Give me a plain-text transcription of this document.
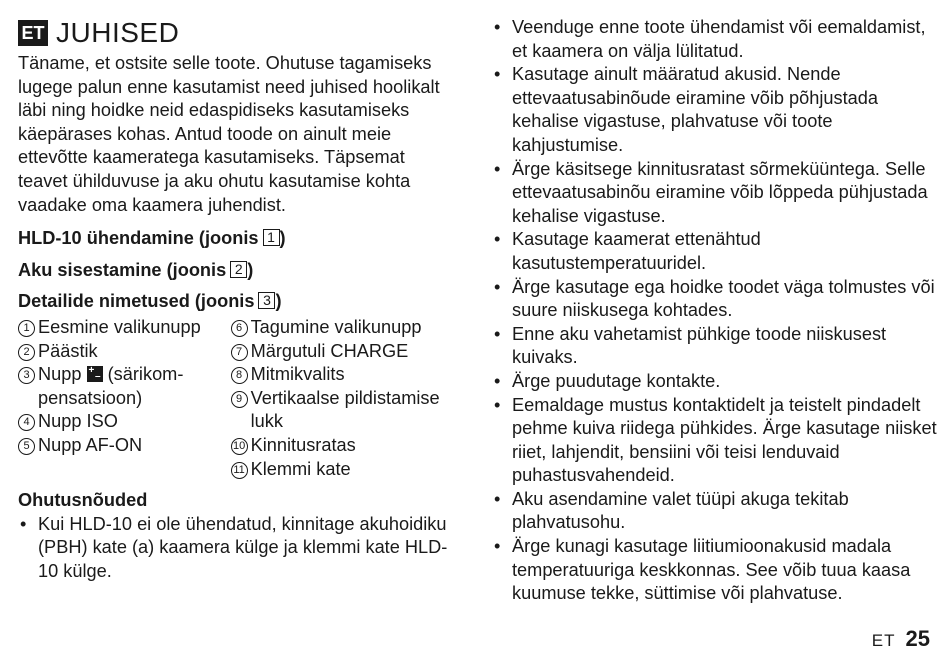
ET JUHISED

Täname, et ostsite selle toote. Ohutuse tagamiseks lugege palun enne kasutamist need juhised hoolikalt läbi ning hoidke neid edaspidiseks kasutamiseks käepärases kohas. Antud toode on ainult meie ettevõtte kaameratega kasutamiseks. Täpsemat teavet ühilduvuse ja aku ohutu kasutamise kohta vaadake oma kaamera juhendist.

HLD-10 ühendamine (joonis 1 )
Aku sisestamine (joonis 2 )
Detailide nimetused (joonis 3 )
1 Eesmine valikunupp
2 Päästik
3 Nupp +
– (särikom-pensatsioon)
4 Nupp ISO
5 Nupp AF-ON
6 Tagumine valikunupp
7 Märgutuli CHARGE
8 Mitmikvalits
9 Vertikaalse pildistamise lukk
10 Kinnitusratas
11 Klemmi kate
Ohutusnõuded
• Kui HLD-10 ei ole ühendatud, kinnitage akuhoidiku (PBH) kate (a) kaamera külge ja klemmi kate HLD-10 külge.
• Veenduge enne toote ühendamist või eemaldamist, et kaamera on välja lülitatud.
• Kasutage ainult määratud akusid. Nende ettevaatusabinõude eiramine võib põhjustada kehalise vigastuse, plahvatuse või toote kahjustumise.
• Ärge käsitsege kinnitusratast sõrmeküüntega. Selle ettevaatusabinõu eiramine võib lõppeda pühjustada kehalise vigastuse.
• Kasutage kaamerat ettenähtud kasutustemperatuuridel.
• Ärge kasutage ega hoidke toodet väga tolmustes või suure niiskusega kohtades.
• Enne aku vahetamist pühkige toode niiskusest kuivaks.
• Ärge puudutage kontakte.
• Eemaldage mustus kontaktidelt ja teistelt pindadelt pehme kuiva riidega pühkides. Ärge kasutage niisket riiet, lahjendit, bensiini või teisi lenduvaid puhastusvahendeid.
• Aku asendamine valet tüüpi akuga tekitab plahvatusohu.
• Ärge kunagi kasutage liitiumioonakusid madala temperatuuriga keskkonnas. See võib tuua kaasa kuumuse tekke, süttimise või plahvatuse.
ET 25
